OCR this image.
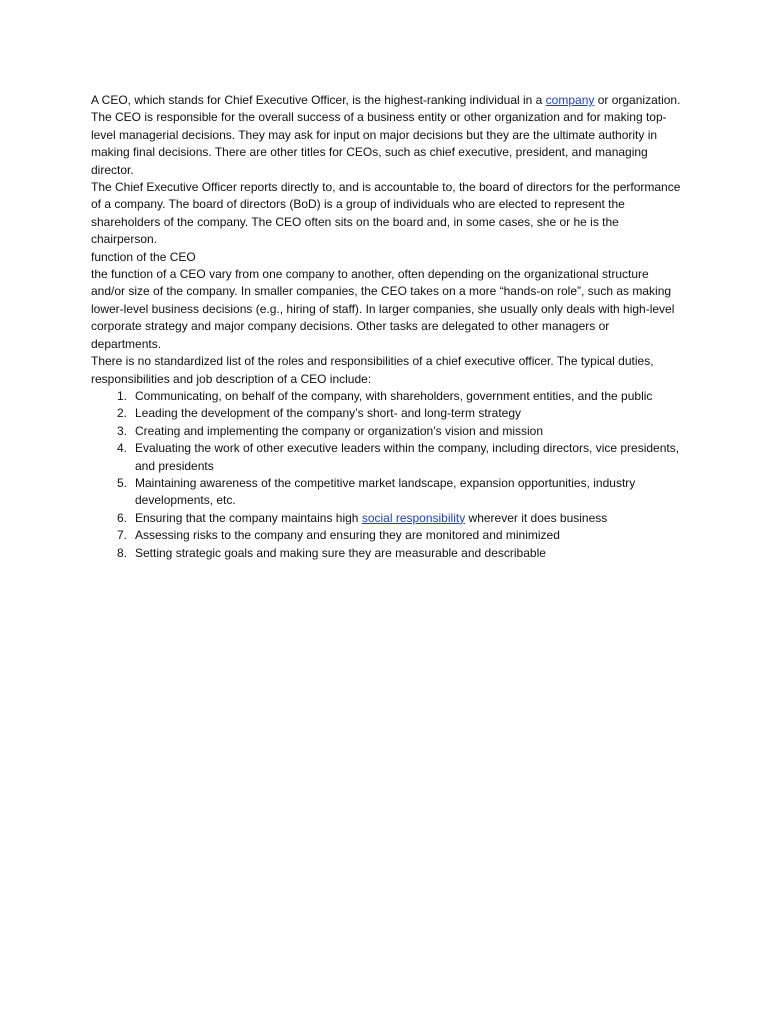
A CEO, which stands for Chief Executive Officer, is the highest-ranking individual in a company or organization. The CEO is responsible for the overall success of a business entity or other organization and for making top-level managerial decisions. They may ask for input on major decisions but they are the ultimate authority in making final decisions. There are other titles for CEOs, such as chief executive, president, and managing director.

The Chief Executive Officer reports directly to, and is accountable to, the board of directors for the performance of a company. The board of directors (BoD) is a group of individuals who are elected to represent the shareholders of the company. The CEO often sits on the board and, in some cases, she or he is the chairperson.

function of the CEO

the function of a CEO vary from one company to another, often depending on the organizational structure and/or size of the company. In smaller companies, the CEO takes on a more “hands-on role”, such as making lower-level business decisions (e.g., hiring of staff). In larger companies, she usually only deals with high-level corporate strategy and major company decisions. Other tasks are delegated to other managers or departments.

There is no standardized list of the roles and responsibilities of a chief executive officer. The typical duties, responsibilities and job description of a CEO include:

1. Communicating, on behalf of the company, with shareholders, government entities, and the public
2. Leading the development of the company’s short- and long-term strategy
3. Creating and implementing the company or organization’s vision and mission
4. Evaluating the work of other executive leaders within the company, including directors, vice presidents, and presidents
5. Maintaining awareness of the competitive market landscape, expansion opportunities, industry developments, etc.
6. Ensuring that the company maintains high social responsibility wherever it does business
7. Assessing risks to the company and ensuring they are monitored and minimized
8. Setting strategic goals and making sure they are measurable and describable
